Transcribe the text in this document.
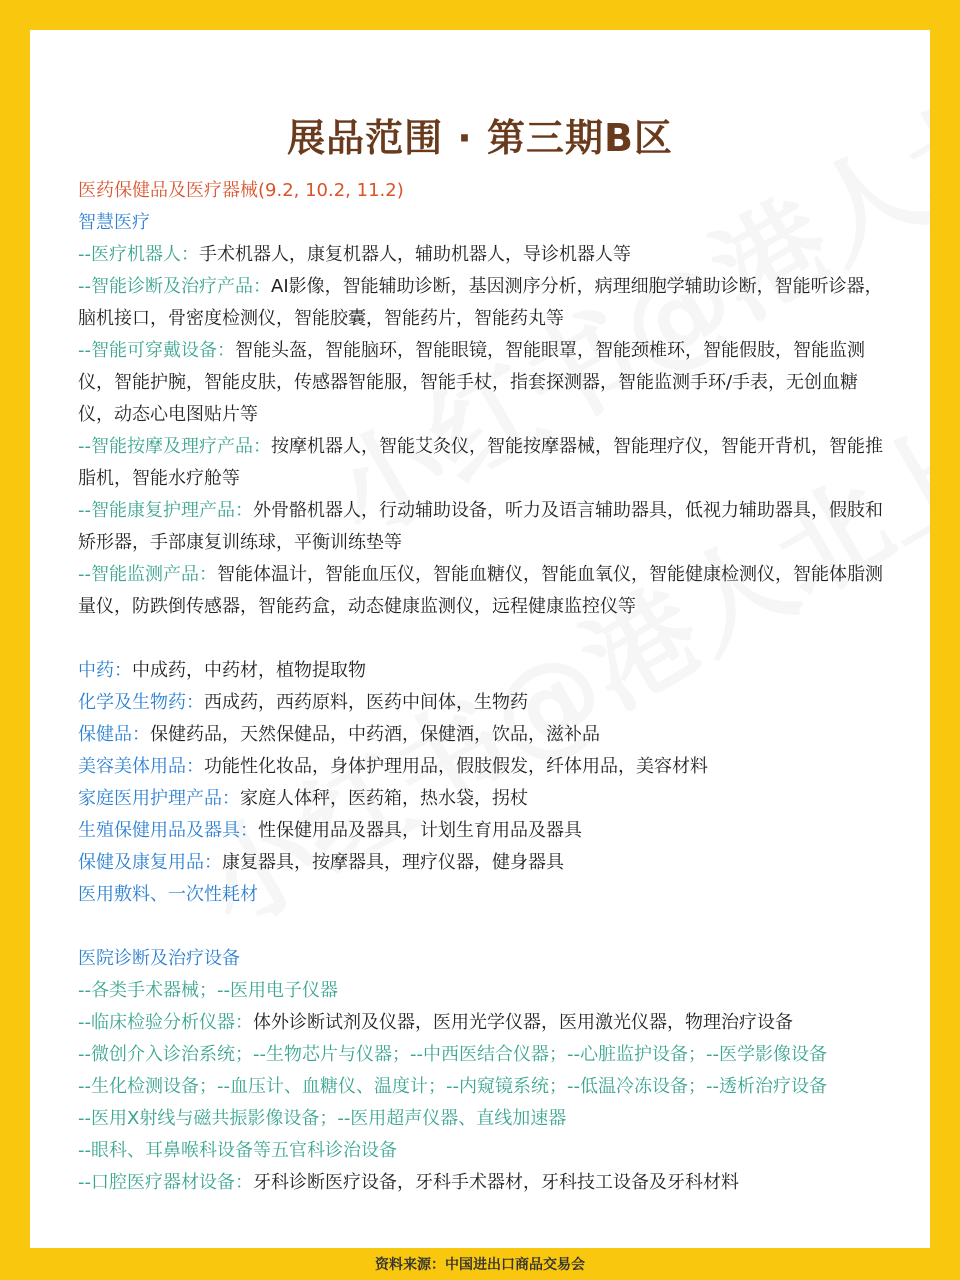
展品范围 · 第三期B区

医药保健品及医疗器械(9.2, 10.2, 11.2)

智慧医疗

--医疗机器人：手术机器人，康复机器人，辅助机器人，导诊机器人等

--智能诊断及治疗产品：AI影像，智能辅助诊断，基因测序分析，病理细胞学辅助诊断，智能听诊器，脑机接口，骨密度检测仪，智能胶囊，智能药片，智能药丸等

--智能可穿戴设备：智能头盔，智能脑环，智能眼镜，智能眼罩，智能颈椎环，智能假肢，智能监测仪，智能护腕，智能皮肤，传感器智能服，智能手杖，指套探测器，智能监测手环/手表，无创血糖仪，动态心电图贴片等

--智能按摩及理疗产品：按摩机器人，智能艾灸仪，智能按摩器械，智能理疗仪，智能开背机，智能推脂机，智能水疗舱等

--智能康复护理产品：外骨骼机器人，行动辅助设备，听力及语言辅助器具，低视力辅助器具，假肢和矫形器，手部康复训练球，平衡训练垫等

--智能监测产品：智能体温计，智能血压仪，智能血糖仪，智能血氧仪，智能健康检测仪，智能体脂测量仪，防跌倒传感器，智能药盒，动态健康监测仪，远程健康监控仪等

中药：中成药，中药材，植物提取物

化学及生物药：西成药，西药原料，医药中间体，生物药

保健品：保健药品，天然保健品，中药酒，保健酒，饮品，滋补品

美容美体用品：功能性化妆品，身体护理用品，假肢假发，纤体用品，美容材料

家庭医用护理产品：家庭人体秤，医药箱，热水袋，拐杖

生殖保健用品及器具：性保健用品及器具，计划生育用品及器具

保健及康复用品：康复器具，按摩器具，理疗仪器，健身器具

医用敷料、一次性耗材

医院诊断及治疗设备

--各类手术器械；--医用电子仪器

--临床检验分析仪器：体外诊断试剂及仪器，医用光学仪器，医用激光仪器，物理治疗设备

--微创介入诊治系统；--生物芯片与仪器；--中西医结合仪器；--心脏监护设备；--医学影像设备

--生化检测设备；--血压计、血糖仪、温度计；--内窥镜系统；--低温冷冻设备；--透析治疗设备

--医用X射线与磁共振影像设备；--医用超声仪器、直线加速器

--眼科、耳鼻喉科设备等五官科诊治设备

--口腔医疗器材设备：牙科诊断医疗设备，牙科手术器材，牙科技工设备及牙科材料

资料来源：中国进出口商品交易会
